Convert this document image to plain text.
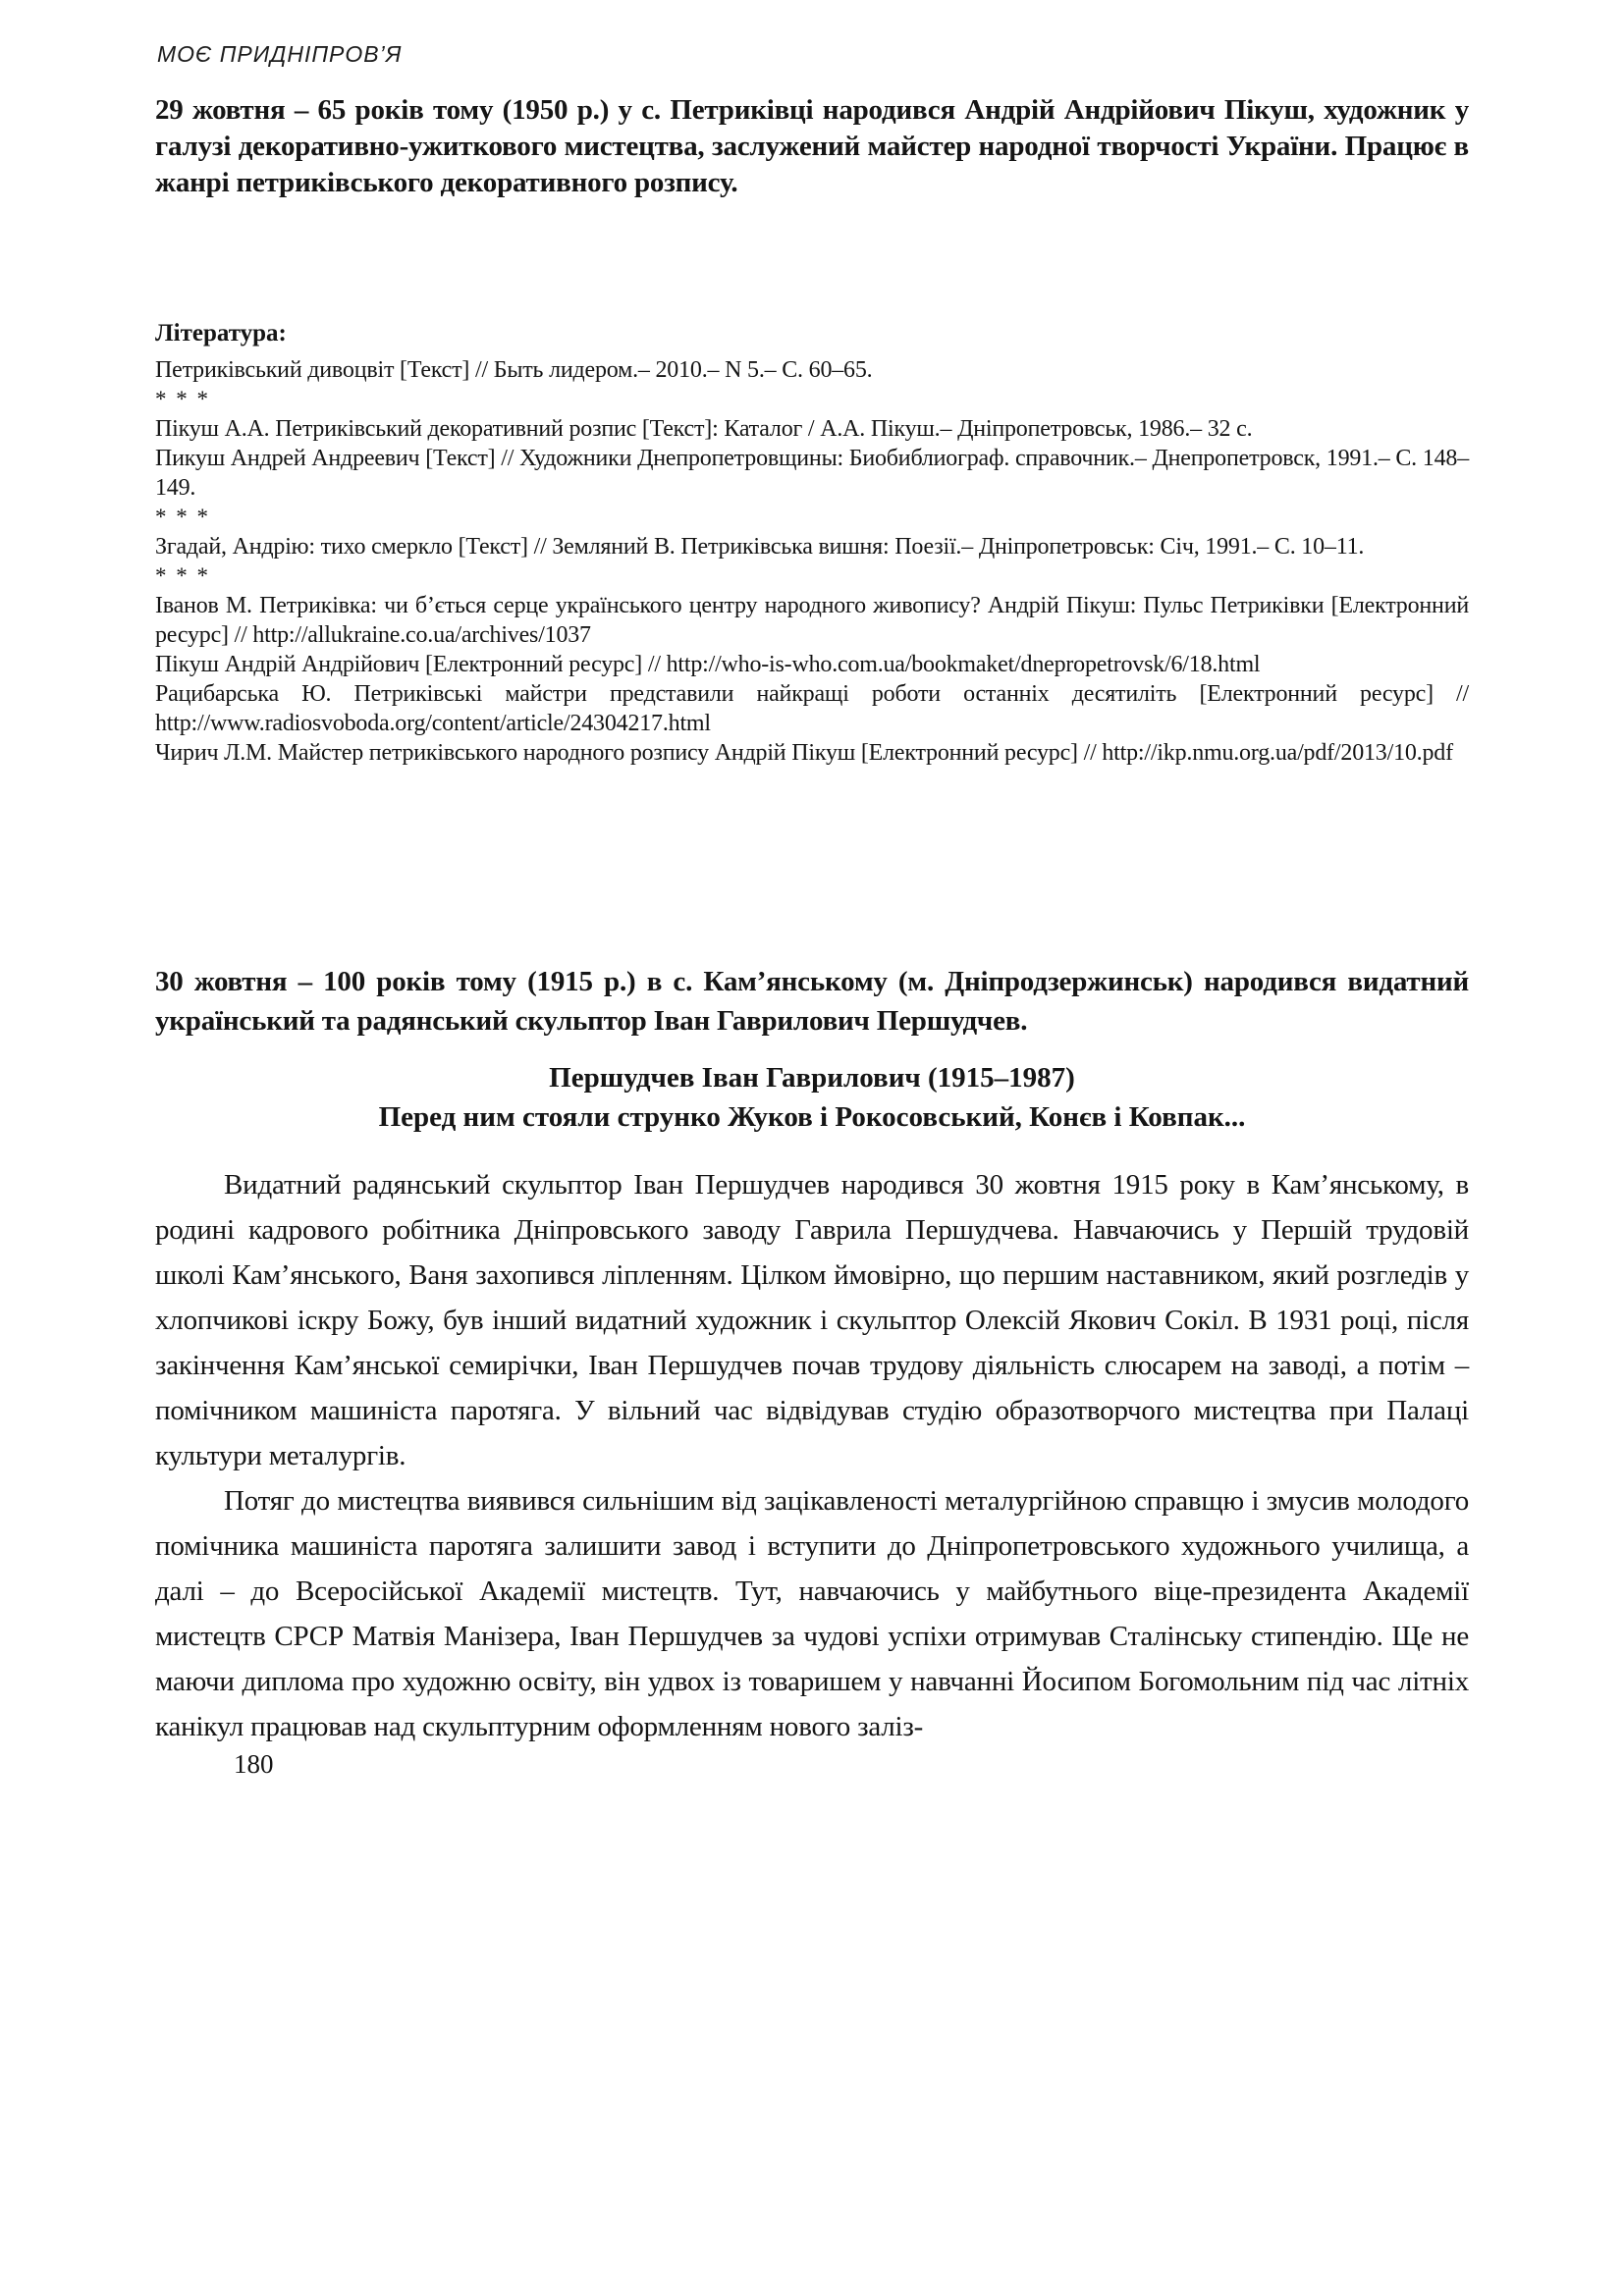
МОЄ ПРИДНІПРОВ’Я

29 жовтня – 65 років тому (1950 р.) у с. Петриківці народився Андрій Андрійович Пікуш, художник у галузі декоративно-ужиткового мистецтва, заслужений майстер народної творчості України. Працює в жанрі петриківського декоративного розпису.

Література:

Петриківський дивоцвіт [Текст] // Быть лидером.– 2010.– N 5.– С. 60–65.

* * *

Пікуш А.А. Петриківський декоративний розпис [Текст]: Каталог / А.А. Пікуш.– Дніпропетровськ, 1986.– 32 с.

Пикуш Андрей Андреевич [Текст] // Художники Днепропетровщины: Биобиблиограф. справочник.– Днепропетровск, 1991.– С. 148–149.

* * *

Згадай, Андрію: тихо смеркло [Текст] // Земляний В. Петриківська вишня: Поезії.– Дніпропетровськ: Січ, 1991.– С. 10–11.

* * *

Іванов М. Петриківка: чи б’ється серце українського центру народного живопису? Андрій Пікуш: Пульс Петриківки [Електронний ресурс] // http://allukraine.co.ua/archives/1037

Пікуш Андрій Андрійович [Електронний ресурс] // http://who-is-who.com.ua/bookmaket/dnepropetrovsk/6/18.html

Рацибарська Ю. Петриківські майстри представили найкращі роботи останніх десятиліть [Електронний ресурс] // http://www.radiosvoboda.org/content/article/24304217.html

Чирич Л.М. Майстер петриківського народного розпису Андрій Пікуш [Електронний ресурс] // http://ikp.nmu.org.ua/pdf/2013/10.pdf

30 жовтня – 100 років тому (1915 р.) в с. Кам’янському (м. Дніпродзержинськ) народився видатний український та радянський скульптор Іван Гаврилович Першудчев.

Першудчев Іван Гаврилович (1915–1987)

Перед ним стояли струнко Жуков і Рокосовський, Конєв і Ковпак...

Видатний радянський скульптор Іван Першудчев народився 30 жовтня 1915 року в Кам’янському, в родині кадрового робітника Дніпровського заводу Гаврила Першудчева. Навчаючись у Першій трудовій школі Кам’янського, Ваня захопився ліпленням. Цілком ймовірно, що першим наставником, який розгледів у хлопчикові іскру Божу, був інший видатний художник і скульптор Олексій Якович Сокіл. В 1931 році, після закінчення Кам’янської семирічки, Іван Першудчев почав трудову діяльність слюсарем на заводі, а потім – помічником машиніста паротяга. У вільний час відвідував студію образотворчого мистецтва при Палаці культури металургів.

Потяг до мистецтва виявився сильнішим від зацікавленості металургійною справщю і змусив молодого помічника машиніста паротяга залишити завод і вступити до Дніпропетровського художнього училища, а далі – до Всеросійської Академії мистецтв. Тут, навчаючись у майбутнього віце-президента Академії мистецтв СРСР Матвія Манізера, Іван Першудчев за чудові успіхи отримував Сталінську стипендію. Ще не маючи диплома про художню освіту, він удвох із товаришем у навчанні Йосипом Богомольним під час літніх канікул працював над скульптурним оформленням нового заліз-

180
